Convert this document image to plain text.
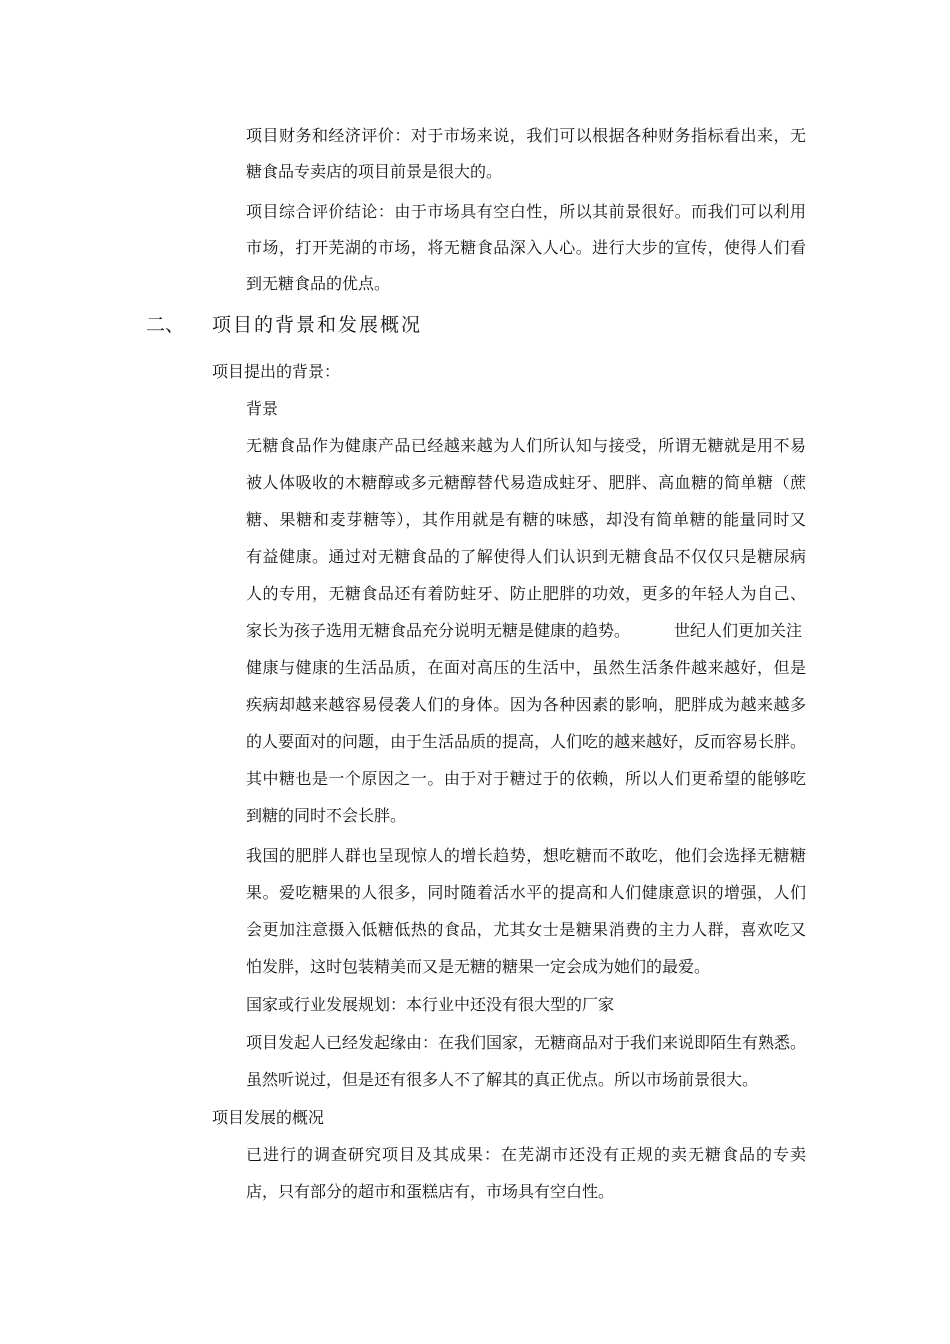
项目财务和经济评价：对于市场来说，我们可以根据各种财务指标看出来，无
糖食品专卖店的项目前景是很大的。
项目综合评价结论：由于市场具有空白性，所以其前景很好。而我们可以利用
市场，打开芜湖的市场，将无糖食品深入人心。进行大步的宣传，使得人们看
到无糖食品的优点。
二、 项目的背景和发展概况
项目提出的背景：
背景
无糖食品作为健康产品已经越来越为人们所认知与接受，所谓无糖就是用不易
被人体吸收的木糖醇或多元糖醇替代易造成蛀牙、肥胖、高血糖的简单糖（蔗
糖、果糖和麦芽糖等），其作用就是有糖的味感，却没有简单糖的能量同时又
有益健康。通过对无糖食品的了解使得人们认识到无糖食品不仅仅只是糖尿病
人的专用，无糖食品还有着防蛀牙、防止肥胖的功效，更多的年轻人为自己、
家长为孩子选用无糖食品充分说明无糖是健康的趋势。	世纪人们更加关注
健康与健康的生活品质，在面对高压的生活中，虽然生活条件越来越好，但是
疾病却越来越容易侵袭人们的身体。因为各种因素的影响，肥胖成为越来越多
的人要面对的问题，由于生活品质的提高，人们吃的越来越好，反而容易长胖。
其中糖也是一个原因之一。由于对于糖过于的依赖，所以人们更希望的能够吃
到糖的同时不会长胖。
我国的肥胖人群也呈现惊人的增长趋势，想吃糖而不敢吃，他们会选择无糖糖
果。爱吃糖果的人很多，同时随着活水平的提高和人们健康意识的增强，人们
会更加注意摄入低糖低热的食品，尤其女士是糖果消费的主力人群，喜欢吃又
怕发胖，这时包装精美而又是无糖的糖果一定会成为她们的最爱。
国家或行业发展规划：本行业中还没有很大型的厂家
项目发起人已经发起缘由：在我们国家，无糖商品对于我们来说即陌生有熟悉。
虽然听说过，但是还有很多人不了解其的真正优点。所以市场前景很大。
项目发展的概况
已进行的调查研究项目及其成果：在芜湖市还没有正规的卖无糖食品的专卖
店，只有部分的超市和蛋糕店有，市场具有空白性。
